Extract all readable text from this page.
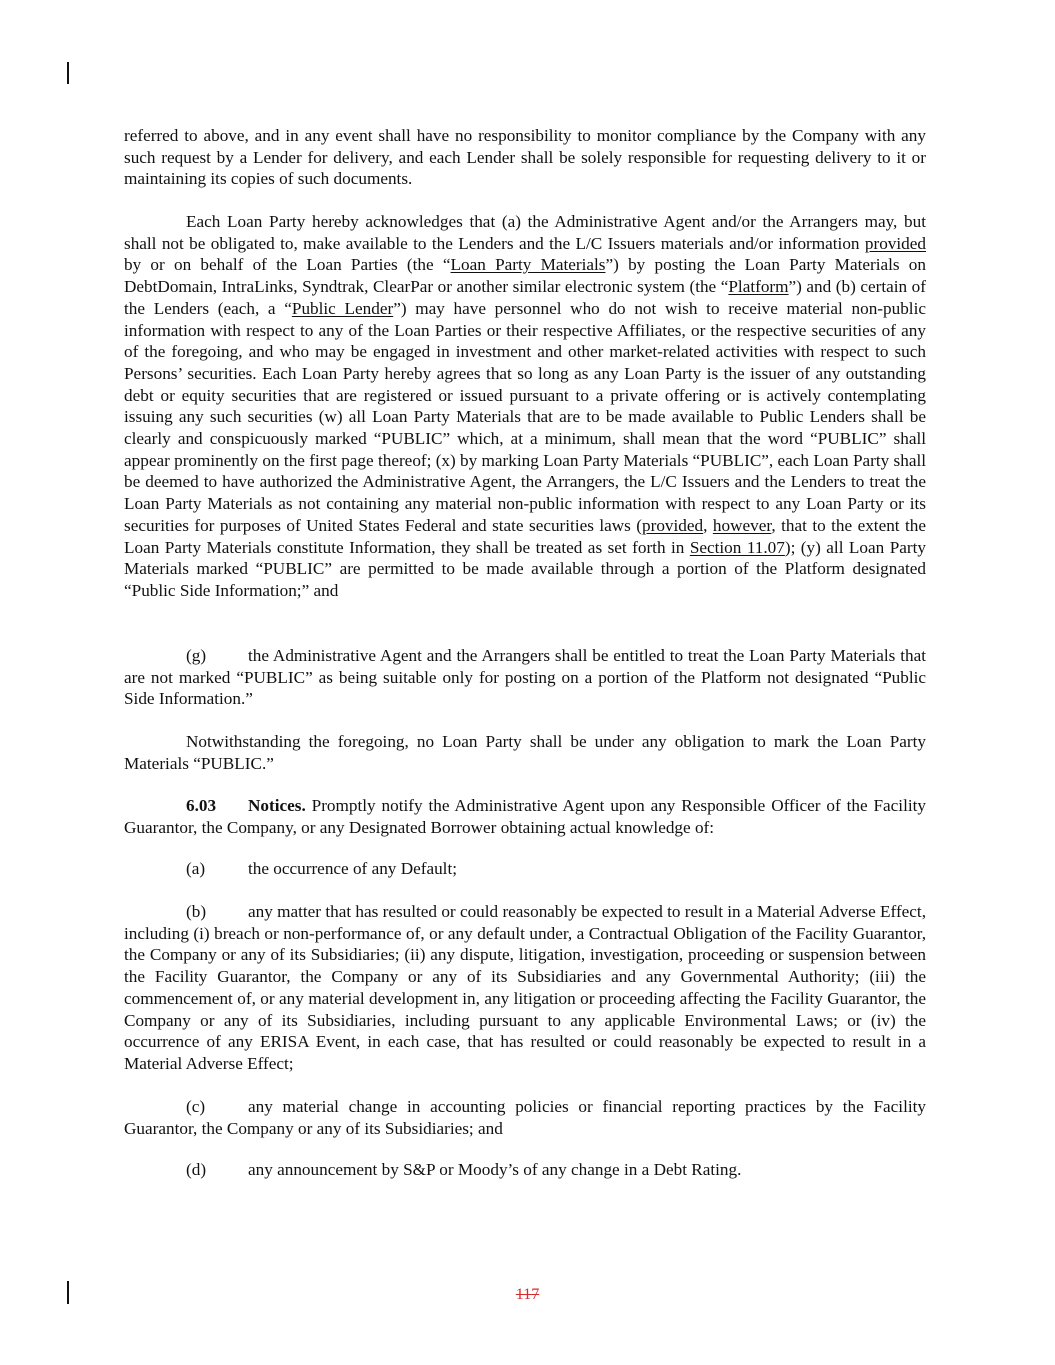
referred to above, and in any event shall have no responsibility to monitor compliance by the Company with any such request by a Lender for delivery, and each Lender shall be solely responsible for requesting delivery to it or maintaining its copies of such documents.

Each Loan Party hereby acknowledges that (a) the Administrative Agent and/or the Arrangers may, but shall not be obligated to, make available to the Lenders and the L/C Issuers materials and/or information provided by or on behalf of the Loan Parties (the “Loan Party Materials”) by posting the Loan Party Materials on DebtDomain, IntraLinks, Syndtrak, ClearPar or another similar electronic system (the “Platform”) and (b) certain of the Lenders (each, a “Public Lender”) may have personnel who do not wish to receive material non-public information with respect to any of the Loan Parties or their respective Affiliates, or the respective securities of any of the foregoing, and who may be engaged in investment and other market-related activities with respect to such Persons’ securities. Each Loan Party hereby agrees that so long as any Loan Party is the issuer of any outstanding debt or equity securities that are registered or issued pursuant to a private offering or is actively contemplating issuing any such securities (w) all Loan Party Materials that are to be made available to Public Lenders shall be clearly and conspicuously marked “PUBLIC” which, at a minimum, shall mean that the word “PUBLIC” shall appear prominently on the first page thereof; (x) by marking Loan Party Materials “PUBLIC”, each Loan Party shall be deemed to have authorized the Administrative Agent, the Arrangers, the L/C Issuers and the Lenders to treat the Loan Party Materials as not containing any material non-public information with respect to any Loan Party or its securities for purposes of United States Federal and state securities laws (provided, however, that to the extent the Loan Party Materials constitute Information, they shall be treated as set forth in Section 11.07); (y) all Loan Party Materials marked “PUBLIC” are permitted to be made available through a portion of the Platform designated “Public Side Information;” and

(g) the Administrative Agent and the Arrangers shall be entitled to treat the Loan Party Materials that are not marked “PUBLIC” as being suitable only for posting on a portion of the Platform not designated “Public Side Information.”

Notwithstanding the foregoing, no Loan Party shall be under any obligation to mark the Loan Party Materials “PUBLIC.”

6.03 Notices. Promptly notify the Administrative Agent upon any Responsible Officer of the Facility Guarantor, the Company, or any Designated Borrower obtaining actual knowledge of:

(a) the occurrence of any Default;

(b) any matter that has resulted or could reasonably be expected to result in a Material Adverse Effect, including (i) breach or non-performance of, or any default under, a Contractual Obligation of the Facility Guarantor, the Company or any of its Subsidiaries; (ii) any dispute, litigation, investigation, proceeding or suspension between the Facility Guarantor, the Company or any of its Subsidiaries and any Governmental Authority; (iii) the commencement of, or any material development in, any litigation or proceeding affecting the Facility Guarantor, the Company or any of its Subsidiaries, including pursuant to any applicable Environmental Laws; or (iv) the occurrence of any ERISA Event, in each case, that has resulted or could reasonably be expected to result in a Material Adverse Effect;

(c) any material change in accounting policies or financial reporting practices by the Facility Guarantor, the Company or any of its Subsidiaries; and

(d) any announcement by S&P or Moody’s of any change in a Debt Rating.

117
